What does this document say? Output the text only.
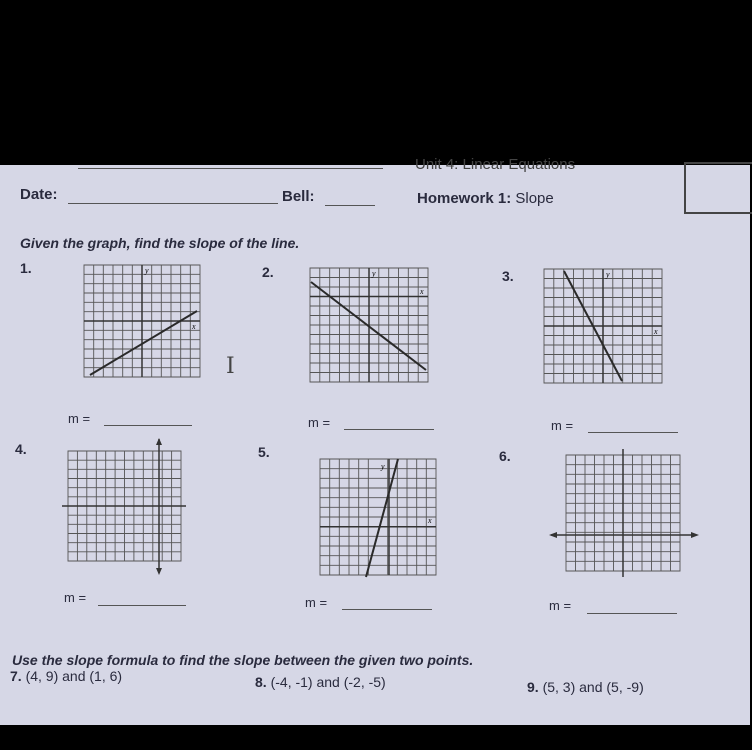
Unit 4: Linear Equations
Date:	Bell:	Homework 1: Slope
Given the graph, find the slope of the line.
1.	2.	3.
4.	5.	6.
y
x
y
x
y
x
m =	m =	m =
y
x
m =	m =	m =
I
Use the slope formula to find the slope between the given two points.
7. (4, 9) and (1, 6)	8. (-4, -1) and (-2, -5)	9. (5, 3) and (5, -9)
